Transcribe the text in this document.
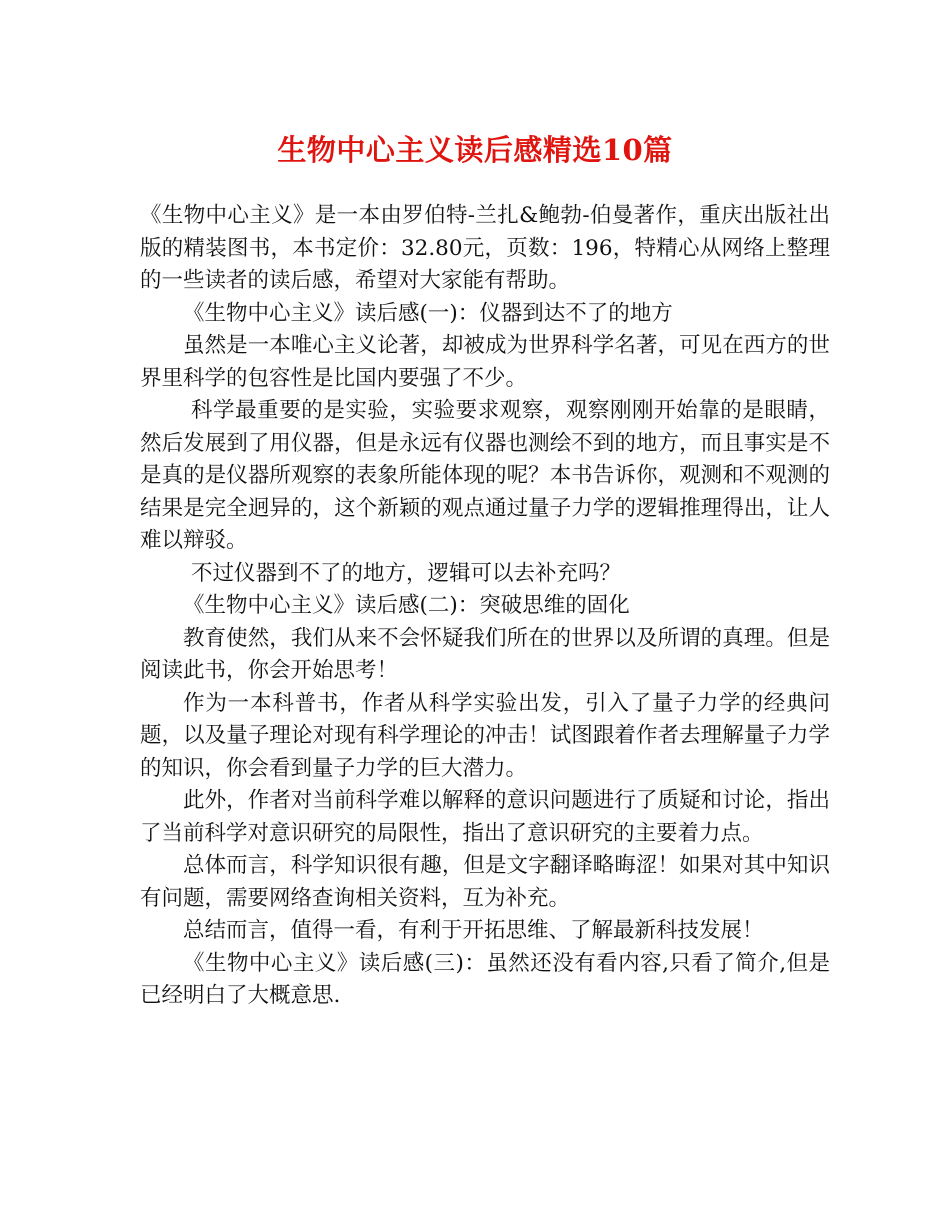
生物中心主义读后感精选10篇

《生物中心主义》是一本由罗伯特-兰扎&鲍勃-伯曼著作，重庆出版社出版的精装图书，本书定价：32.80元，页数：196，特精心从网络上整理的一些读者的读后感，希望对大家能有帮助。

《生物中心主义》读后感(一)：仪器到达不了的地方

虽然是一本唯心主义论著，却被成为世界科学名著，可见在西方的世界里科学的包容性是比国内要强了不少。

科学最重要的是实验，实验要求观察，观察刚刚开始靠的是眼睛，然后发展到了用仪器，但是永远有仪器也测绘不到的地方，而且事实是不是真的是仪器所观察的表象所能体现的呢？本书告诉你，观测和不观测的结果是完全迥异的，这个新颖的观点通过量子力学的逻辑推理得出，让人难以辩驳。

不过仪器到不了的地方，逻辑可以去补充吗？

《生物中心主义》读后感(二)：突破思维的固化

教育使然，我们从来不会怀疑我们所在的世界以及所谓的真理。但是阅读此书，你会开始思考！

作为一本科普书，作者从科学实验出发，引入了量子力学的经典问题，以及量子理论对现有科学理论的冲击！试图跟着作者去理解量子力学的知识，你会看到量子力学的巨大潜力。

此外，作者对当前科学难以解释的意识问题进行了质疑和讨论，指出了当前科学对意识研究的局限性，指出了意识研究的主要着力点。

总体而言，科学知识很有趣，但是文字翻译略晦涩！如果对其中知识有问题，需要网络查询相关资料，互为补充。

总结而言，值得一看，有利于开拓思维、了解最新科技发展！

《生物中心主义》读后感(三)：虽然还没有看内容,只看了简介,但是已经明白了大概意思.
